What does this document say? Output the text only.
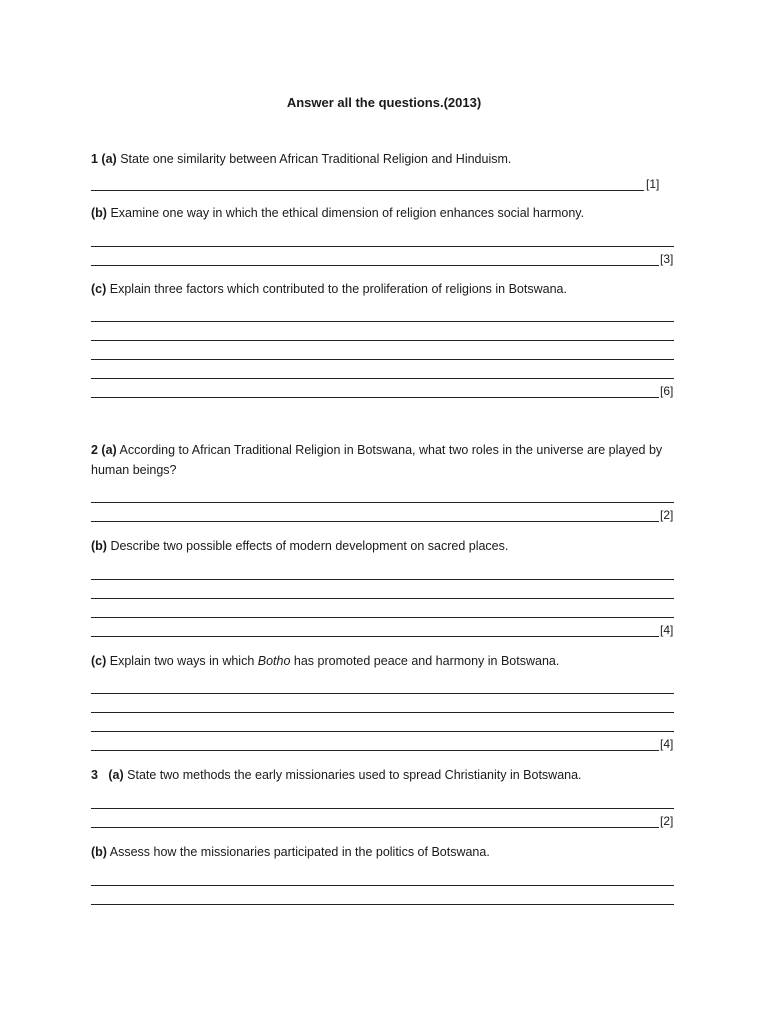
Answer all the questions.(2013)
1 (a) State one similarity between African Traditional Religion and Hinduism.
[1]
(b) Examine one way in which the ethical dimension of religion enhances social harmony.
[3]
(c) Explain three factors which contributed to the proliferation of religions in Botswana.
[6]
2 (a) According to African Traditional Religion in Botswana, what two roles in the universe are played by human beings?
[2]
(b) Describe two possible effects of modern development on sacred places.
[4]
(c) Explain two ways in which Botho has promoted peace and harmony in Botswana.
[4]
3   (a) State two methods the early missionaries used to spread Christianity in Botswana.
[2]
(b) Assess how the missionaries participated in the politics of Botswana.
